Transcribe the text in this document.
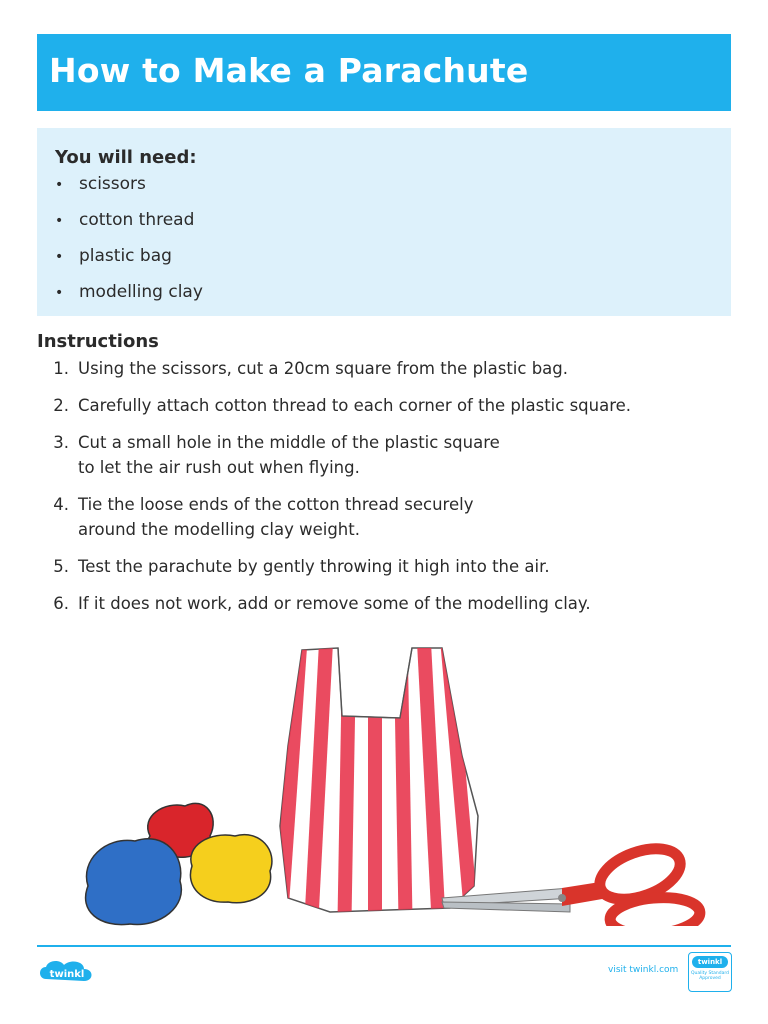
How to Make a Parachute
You will need:
• scissors
• cotton thread
• plastic bag
• modelling clay
Instructions
1. Using the scissors, cut a 20cm square from the plastic bag.
2. Carefully attach cotton thread to each corner of the plastic square.
3. Cut a small hole in the middle of the plastic square
to let the air rush out when flying.
4. Tie the loose ends of the cotton thread securely
around the modelling clay weight.
5. Test the parachute by gently throwing it high into the air.
6. If it does not work, add or remove some of the modelling clay.
twinkl	visit twinkl.com
twinkl
Quality Standard Approved
